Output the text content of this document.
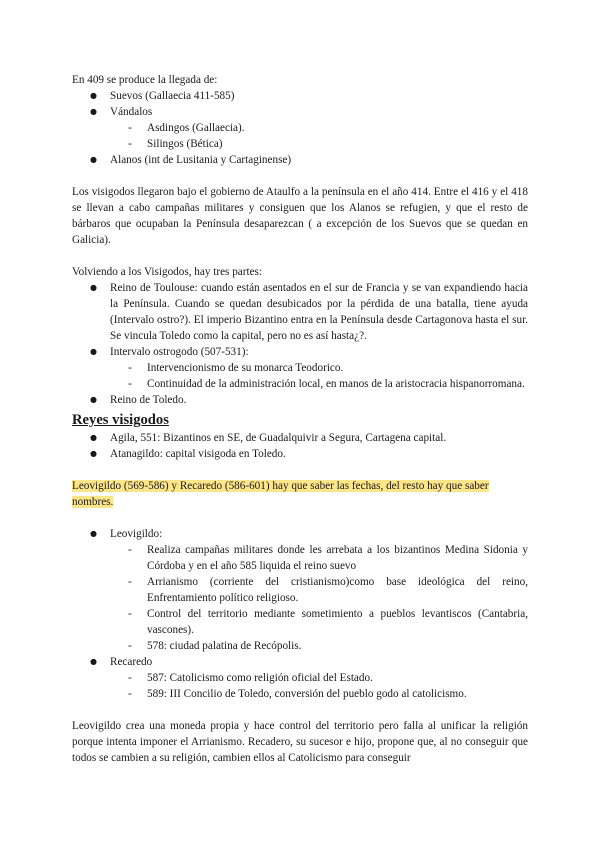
En 409 se produce la llegada de:

● Suevos (Gallaecia 411-585)
● Vándalos
- Asdingos (Gallaecia).
- Silingos (Bética)
● Alanos (int de Lusitania y Cartaginense)

Los visigodos llegaron bajo el gobierno de Ataulfo a la península en el año 414. Entre el 416 y el 418 se llevan a cabo campañas militares y consiguen que los Alanos se refugien, y que el resto de bárbaros que ocupaban la Península desaparezcan ( a excepción de los Suevos que se quedan en Galicia).

Volviendo a los Visigodos, hay tres partes:

● Reino de Toulouse: cuando están asentados en el sur de Francia y se van expandiendo hacia la Península. Cuando se quedan desubicados por la pérdida de una batalla, tiene ayuda (Intervalo ostro?). El imperio Bizantino entra en la Península desde Cartagonova hasta el sur. Se vincula Toledo como la capital, pero no es así hasta¿?.
● Intervalo ostrogodo (507-531):
- Intervencionismo de su monarca Teodorico.
- Continuidad de la administración local, en manos de la aristocracia hispanorromana.
● Reino de Toledo.
Reyes visigodos
● Agila, 551: Bizantinos en SE, de Guadalquivir a Segura, Cartagena capital.
● Atanagildo: capital visigoda en Toledo.

Leovigildo (569-586) y Recaredo (586-601) hay que saber las fechas, del resto hay que saber nombres.

● Leovigildo:
- Realiza campañas militares donde les arrebata a los bizantinos Medina Sidonia y Córdoba y en el año 585 liquida el reino suevo
- Arrianismo (corriente del cristianismo)como base ideológica del reino, Enfrentamiento político religioso.
- Control del territorio mediante sometimiento a pueblos levantiscos (Cantabria, vascones).
- 578: ciudad palatina de Recópolis.
● Recaredo
- 587: Catolicismo como religión oficial del Estado.
- 589: III Concilio de Toledo, conversión del pueblo godo al catolicismo.

Leovigildo crea una moneda propia y hace control del territorio pero falla al unificar la religión porque intenta imponer el Arrianismo. Recadero, su sucesor e hijo, propone que, al no conseguir que todos se cambien a su religión, cambien ellos al Catolicismo para conseguir
